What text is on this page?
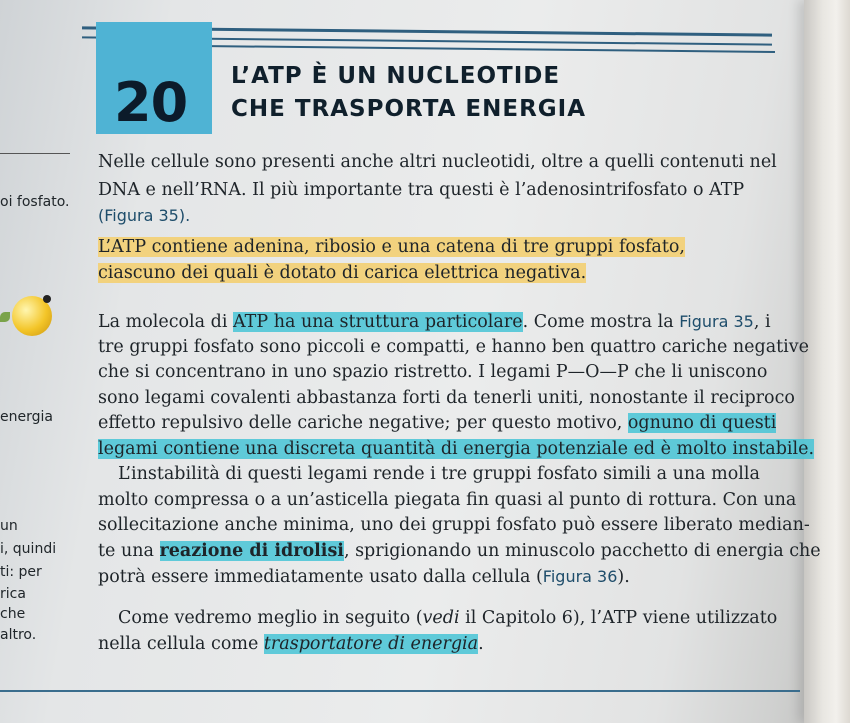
20 L’ATP È UN NUCLEOTIDE
CHE TRASPORTA ENERGIA
oi fosfato.
energia
un
i, quindi
ti: per
rica
che
altro.
Nelle cellule sono presenti anche altri nucleotidi, oltre a quelli contenuti nel
DNA e nell’RNA. Il più importante tra questi è l’adenosintrifosfato o ATP
(Figura 35).
L’ATP contiene adenina, ribosio e una catena di tre gruppi fosfato,
ciascuno dei quali è dotato di carica elettrica negativa.
La molecola di ATP ha una struttura particolare. Come mostra la Figura 35, i
tre gruppi fosfato sono piccoli e compatti, e hanno ben quattro cariche negative
che si concentrano in uno spazio ristretto. I legami P—O—P che li uniscono
sono legami covalenti abbastanza forti da tenerli uniti, nonostante il reciproco
effetto repulsivo delle cariche negative; per questo motivo, ognuno di questi
legami contiene una discreta quantità di energia potenziale ed è molto instabile.
L’instabilità di questi legami rende i tre gruppi fosfato simili a una molla
molto compressa o a un’asticella piegata fin quasi al punto di rottura. Con una
sollecitazione anche minima, uno dei gruppi fosfato può essere liberato median-
te una reazione di idrolisi, sprigionando un minuscolo pacchetto di energia che
potrà essere immediatamente usato dalla cellula (Figura 36).
Come vedremo meglio in seguito (vedi il Capitolo 6), l’ATP viene utilizzato
nella cellula come trasportatore di energia.
